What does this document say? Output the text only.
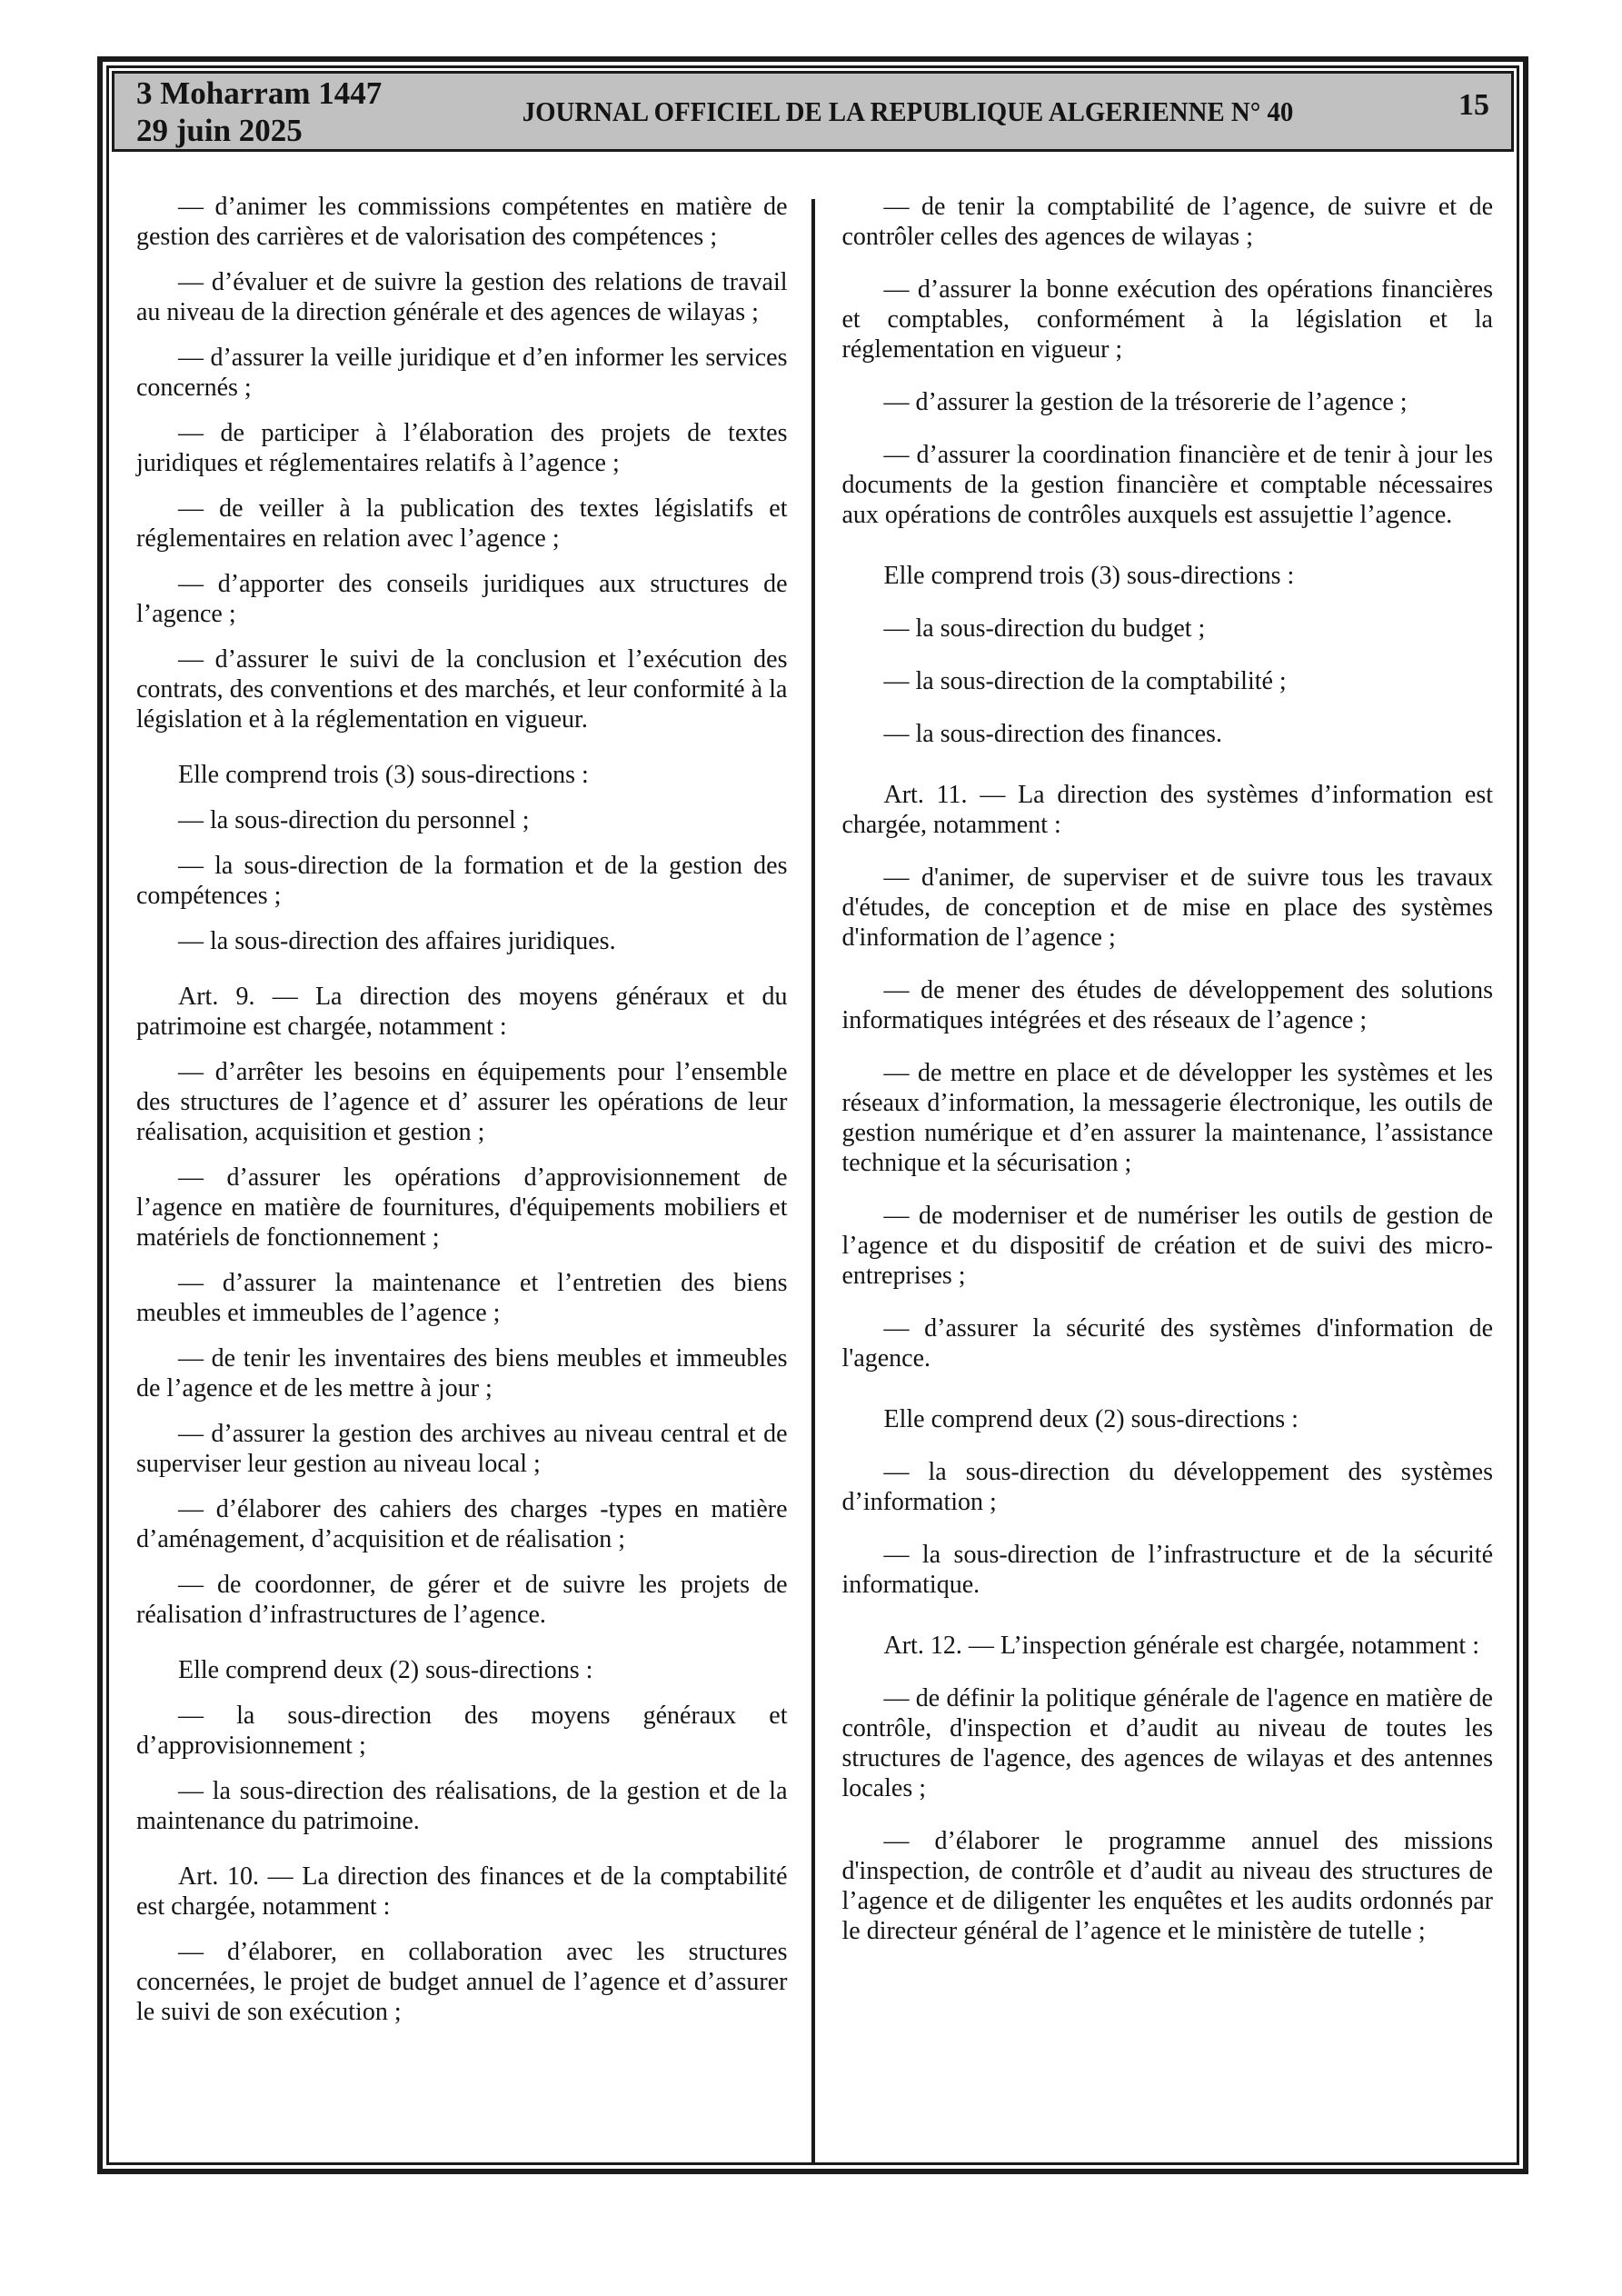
3 Moharram 1447
29 juin 2025
JOURNAL OFFICIEL DE LA REPUBLIQUE ALGERIENNE N° 40	15

— d’animer les commissions compétentes en matière de gestion des carrières et de valorisation des compétences ;

— d’évaluer et de suivre la gestion des relations de travail au niveau de la direction générale et des agences de wilayas ;

— d’assurer la veille juridique et d’en informer les services concernés ;

— de participer à l’élaboration des projets de textes juridiques et réglementaires relatifs à l’agence ;

— de veiller à la publication des textes législatifs et réglementaires en relation avec l’agence ;

— d’apporter des conseils juridiques aux structures de l’agence ;

— d’assurer le suivi de la conclusion et l’exécution des contrats, des conventions et des marchés, et leur conformité à la législation et à la réglementation en vigueur.

Elle comprend trois (3) sous-directions :

— la sous-direction du personnel ;

— la sous-direction de la formation et de la gestion des compétences ;

— la sous-direction des affaires juridiques.

Art. 9. — La direction des moyens généraux et du patrimoine est chargée, notamment :

— d’arrêter les besoins en équipements pour l’ensemble des structures de l’agence et d’ assurer les opérations de leur réalisation, acquisition et gestion ;

— d’assurer les opérations d’approvisionnement de l’agence en matière de fournitures, d'équipements mobiliers et matériels de fonctionnement ;

— d’assurer la maintenance et l’entretien des biens meubles et immeubles de l’agence ;

— de tenir les inventaires des biens meubles et immeubles de l’agence et de les mettre à jour ;

— d’assurer la gestion des archives au niveau central et de superviser leur gestion au niveau local ;

— d’élaborer des cahiers des charges -types en matière d’aménagement, d’acquisition et de réalisation ;

— de coordonner, de gérer et de suivre les projets de réalisation d’infrastructures de l’agence.

Elle comprend deux (2) sous-directions :

— la sous-direction des moyens généraux et d’approvisionnement ;

— la sous-direction des réalisations, de la gestion et de la maintenance du patrimoine.

Art. 10. — La direction des finances et de la comptabilité est chargée, notamment :

— d’élaborer, en collaboration avec les structures concernées, le projet de budget annuel de l’agence et d’assurer le suivi de son exécution ;

— de tenir la comptabilité de l’agence, de suivre et de contrôler celles des agences de wilayas ;

— d’assurer la bonne exécution des opérations financières et comptables, conformément à la législation et la réglementation en vigueur ;

— d’assurer la gestion de la trésorerie de l’agence ;

— d’assurer la coordination financière et de tenir à jour les documents de la gestion financière et comptable nécessaires aux opérations de contrôles auxquels est assujettie l’agence.

Elle comprend trois (3) sous-directions :

— la sous-direction du budget ;

— la sous-direction de la comptabilité ;

— la sous-direction des finances.

Art. 11. — La direction des systèmes d’information est chargée, notamment :

— d'animer, de superviser et de suivre tous les travaux d'études, de conception et de mise en place des systèmes d'information de l’agence ;

— de mener des études de développement des solutions informatiques intégrées et des réseaux de l’agence ;

— de mettre en place et de développer les systèmes et les réseaux d’information, la messagerie électronique, les outils de gestion numérique et d’en assurer la maintenance, l’assistance technique et la sécurisation ;

— de moderniser et de numériser les outils de gestion de l’agence et du dispositif de création et de suivi des micro-entreprises ;

— d’assurer la sécurité des systèmes d'information de l'agence.

Elle comprend deux (2) sous-directions :

— la sous-direction du développement des systèmes d’information ;

— la sous-direction de l’infrastructure et de la sécurité informatique.

Art. 12. — L’inspection générale est chargée, notamment :

— de définir la politique générale de l'agence en matière de contrôle, d'inspection et d’audit au niveau de toutes les structures de l'agence, des agences de wilayas et des antennes locales ;

— d’élaborer le programme annuel des missions d'inspection, de contrôle et d’audit au niveau des structures de l’agence et de diligenter les enquêtes et les audits ordonnés par le directeur général de l’agence et le ministère de tutelle ;
